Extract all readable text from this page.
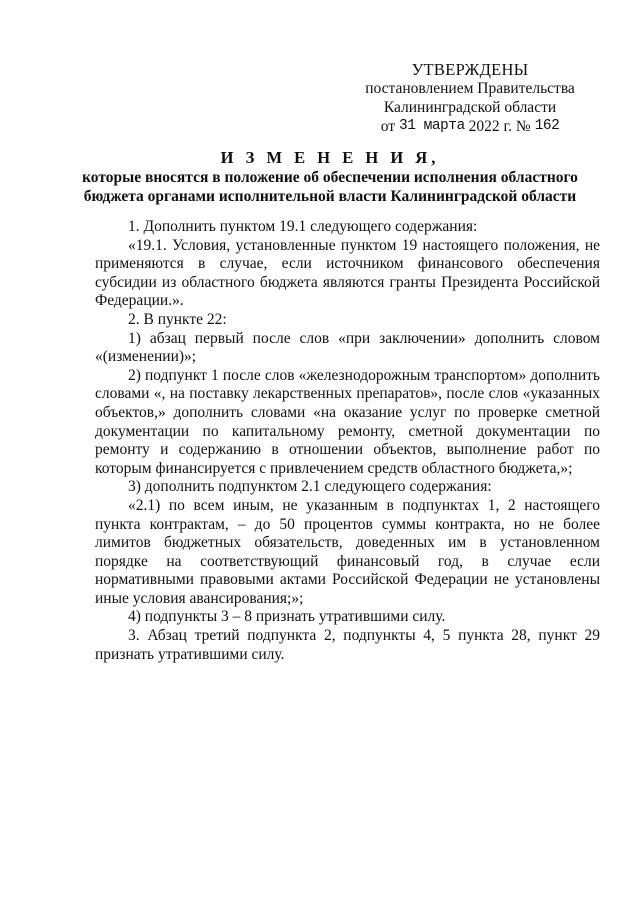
УТВЕРЖДЕНЫ
постановлением Правительства
Калининградской области
от 31 марта 2022 г. № 162
И З М Е Н Е Н И Я,
которые вносятся в положение об обеспечении исполнения областного бюджета органами исполнительной власти Калининградской области

1. Дополнить пунктом 19.1 следующего содержания:

«19.1. Условия, установленные пунктом 19 настоящего положения, не применяются в случае, если источником финансового обеспечения субсидии из областного бюджета являются гранты Президента Российской Федерации.».

2. В пункте 22:

1) абзац первый после слов «при заключении» дополнить словом «(изменении)»;

2) подпункт 1 после слов «железнодорожным транспортом» дополнить словами «, на поставку лекарственных препаратов», после слов «указанных объектов,» дополнить словами «на оказание услуг по проверке сметной документации по капитальному ремонту, сметной документации по ремонту и содержанию в отношении объектов, выполнение работ по которым финансируется с привлечением средств областного бюджета,»;

3) дополнить подпунктом 2.1 следующего содержания:

«2.1) по всем иным, не указанным в подпунктах 1, 2 настоящего пункта контрактам, – до 50 процентов суммы контракта, но не более лимитов бюджетных обязательств, доведенных им в установленном порядке на соответствующий финансовый год, в случае если нормативными правовыми актами Российской Федерации не установлены иные условия авансирования;»;

4) подпункты 3 – 8 признать утратившими силу.

3. Абзац третий подпункта 2, подпункты 4, 5 пункта 28, пункт 29 признать утратившими силу.
